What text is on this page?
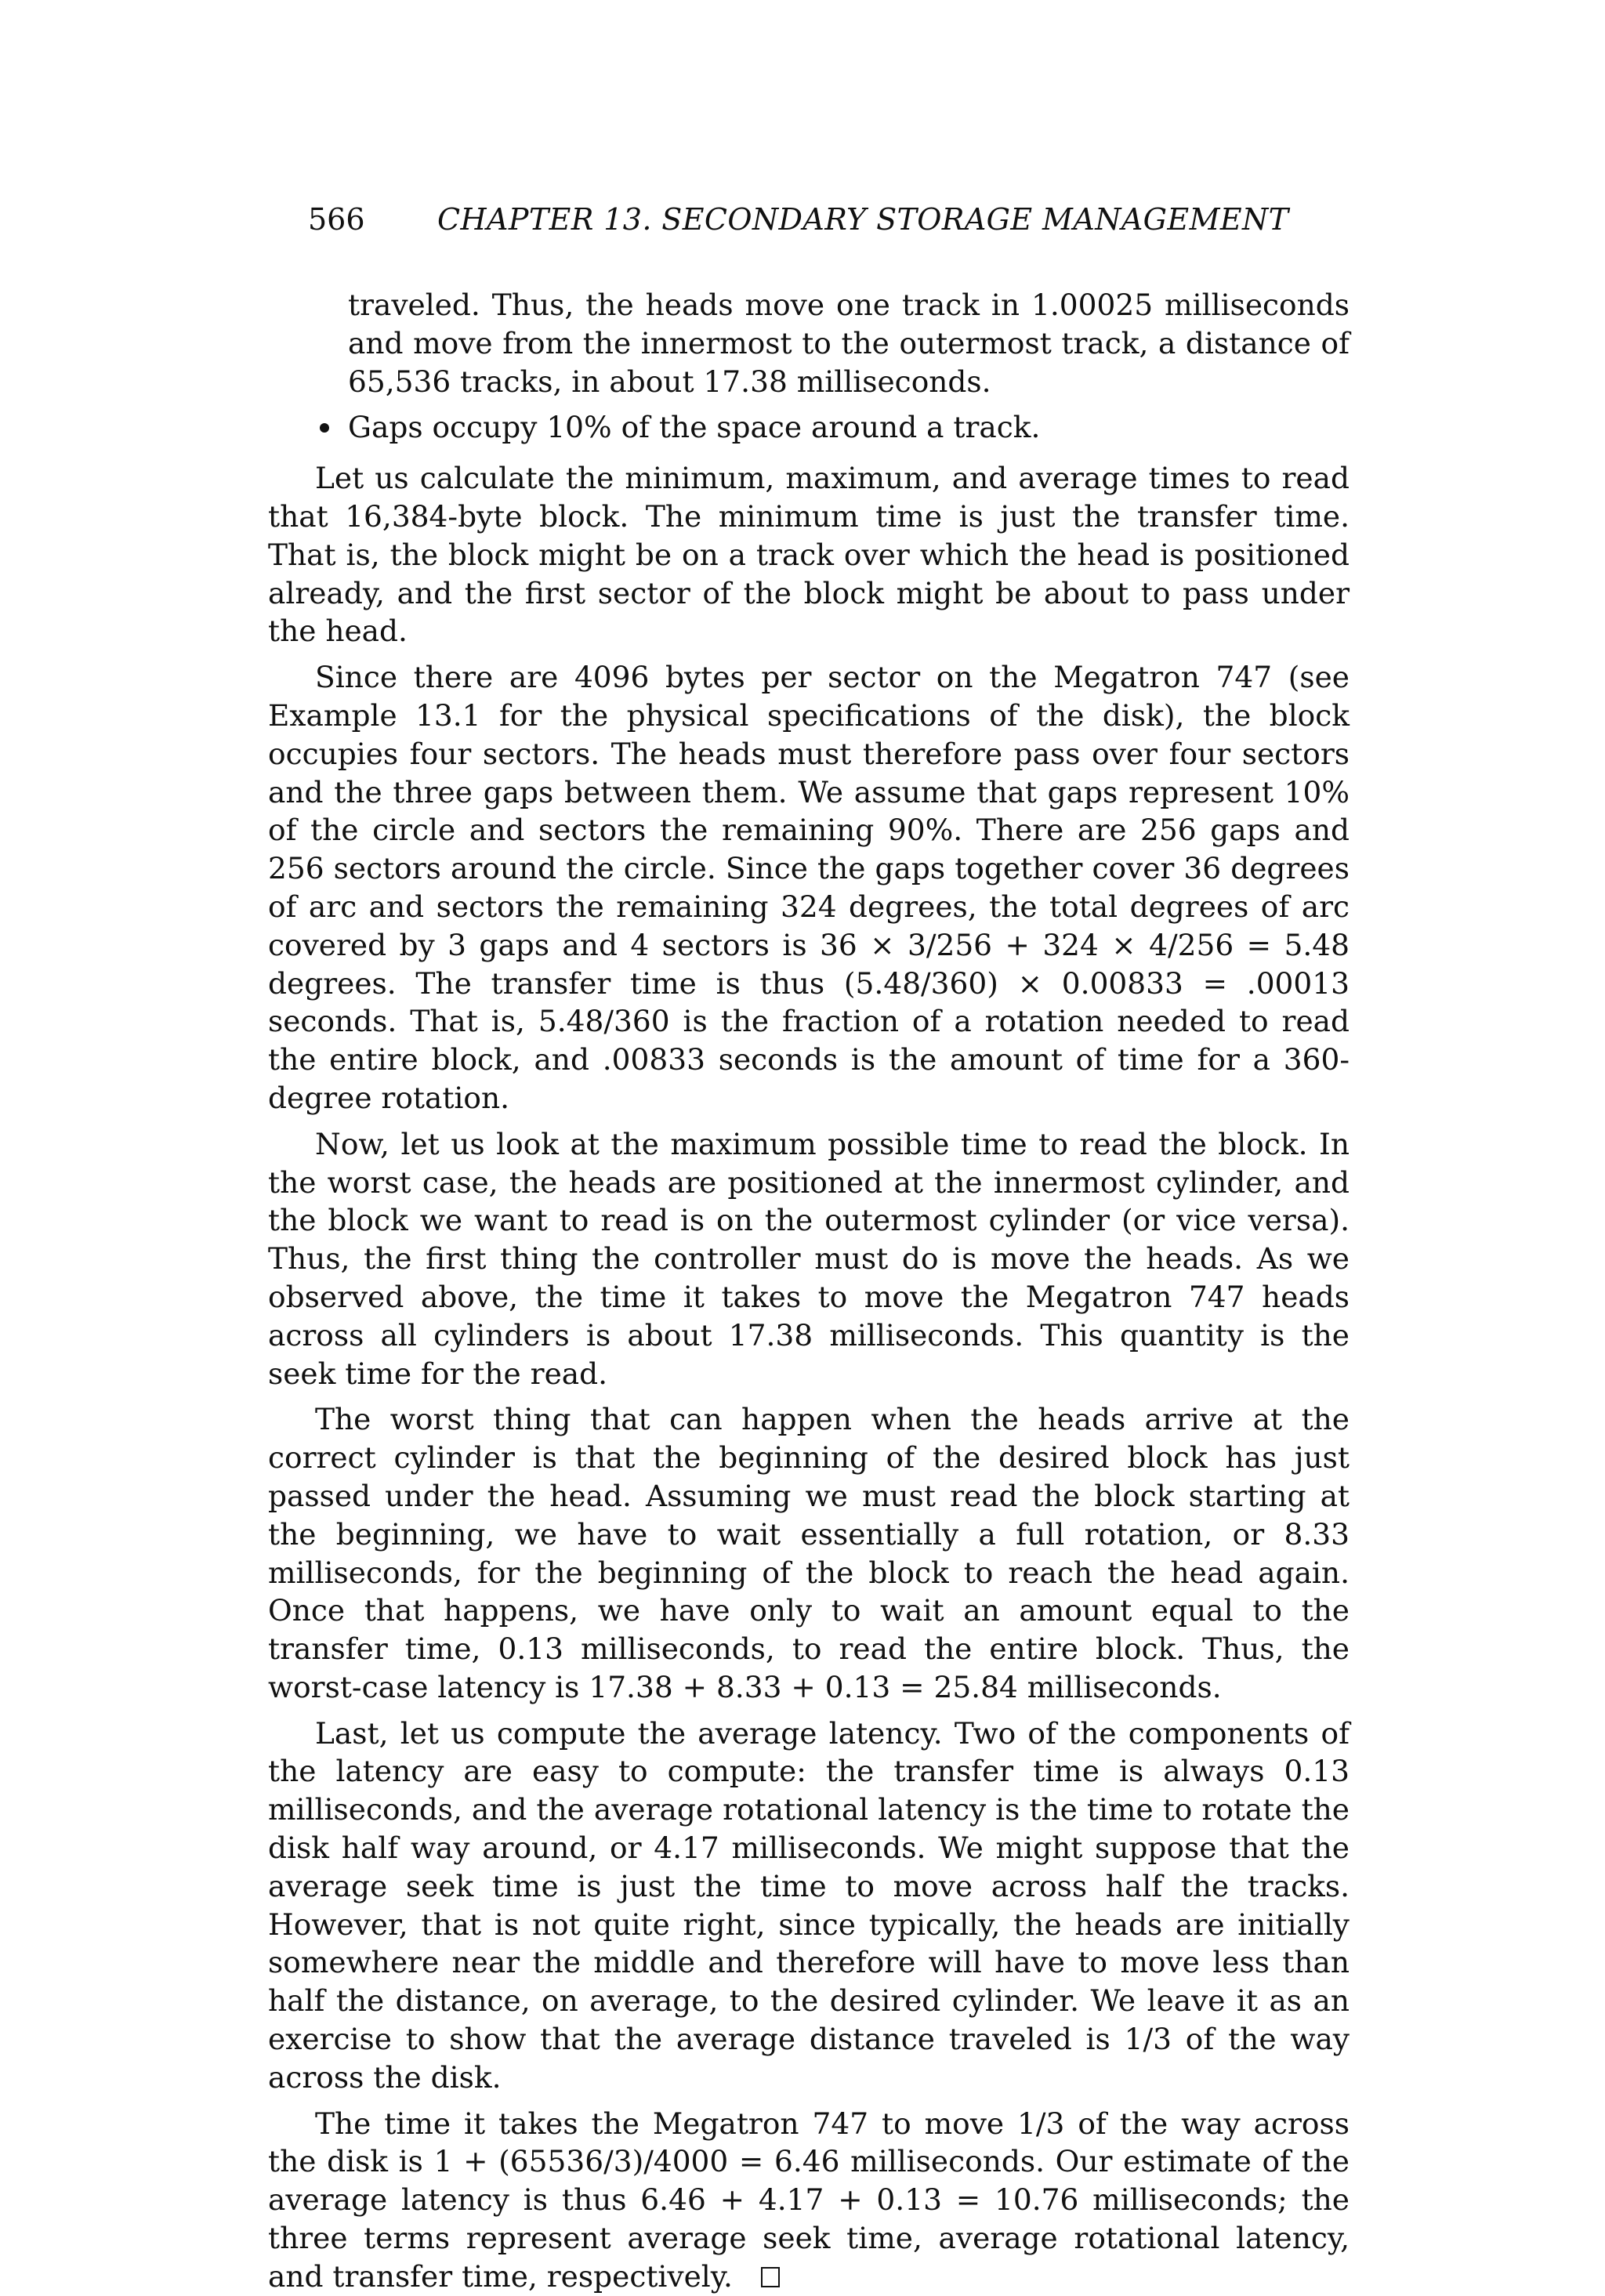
566 CHAPTER 13. SECONDARY STORAGE MANAGEMENT

traveled. Thus, the heads move one track in 1.00025 milliseconds and move from the innermost to the outermost track, a distance of 65,536 tracks, in about 17.38 milliseconds.

Gaps occupy 10% of the space around a track.

Let us calculate the minimum, maximum, and average times to read that 16,384-byte block. The minimum time is just the transfer time. That is, the block might be on a track over which the head is positioned already, and the first sector of the block might be about to pass under the head.

Since there are 4096 bytes per sector on the Megatron 747 (see Example 13.1 for the physical specifications of the disk), the block occupies four sectors. The heads must therefore pass over four sectors and the three gaps between them. We assume that gaps represent 10% of the circle and sectors the remaining 90%. There are 256 gaps and 256 sectors around the circle. Since the gaps together cover 36 degrees of arc and sectors the remaining 324 degrees, the total degrees of arc covered by 3 gaps and 4 sectors is 36 × 3/256 + 324 × 4/256 = 5.48 degrees. The transfer time is thus (5.48/360) × 0.00833 = .00013 seconds. That is, 5.48/360 is the fraction of a rotation needed to read the entire block, and .00833 seconds is the amount of time for a 360-degree rotation.

Now, let us look at the maximum possible time to read the block. In the worst case, the heads are positioned at the innermost cylinder, and the block we want to read is on the outermost cylinder (or vice versa). Thus, the first thing the controller must do is move the heads. As we observed above, the time it takes to move the Megatron 747 heads across all cylinders is about 17.38 milliseconds. This quantity is the seek time for the read.

The worst thing that can happen when the heads arrive at the correct cylinder is that the beginning of the desired block has just passed under the head. Assuming we must read the block starting at the beginning, we have to wait essentially a full rotation, or 8.33 milliseconds, for the beginning of the block to reach the head again. Once that happens, we have only to wait an amount equal to the transfer time, 0.13 milliseconds, to read the entire block. Thus, the worst-case latency is 17.38 + 8.33 + 0.13 = 25.84 milliseconds.

Last, let us compute the average latency. Two of the components of the latency are easy to compute: the transfer time is always 0.13 milliseconds, and the average rotational latency is the time to rotate the disk half way around, or 4.17 milliseconds. We might suppose that the average seek time is just the time to move across half the tracks. However, that is not quite right, since typically, the heads are initially somewhere near the middle and therefore will have to move less than half the distance, on average, to the desired cylinder. We leave it as an exercise to show that the average distance traveled is 1/3 of the way across the disk.

The time it takes the Megatron 747 to move 1/3 of the way across the disk is 1 + (65536/3)/4000 = 6.46 milliseconds. Our estimate of the average latency is thus 6.46 + 4.17 + 0.13 = 10.76 milliseconds; the three terms represent average seek time, average rotational latency, and transfer time, respectively.
